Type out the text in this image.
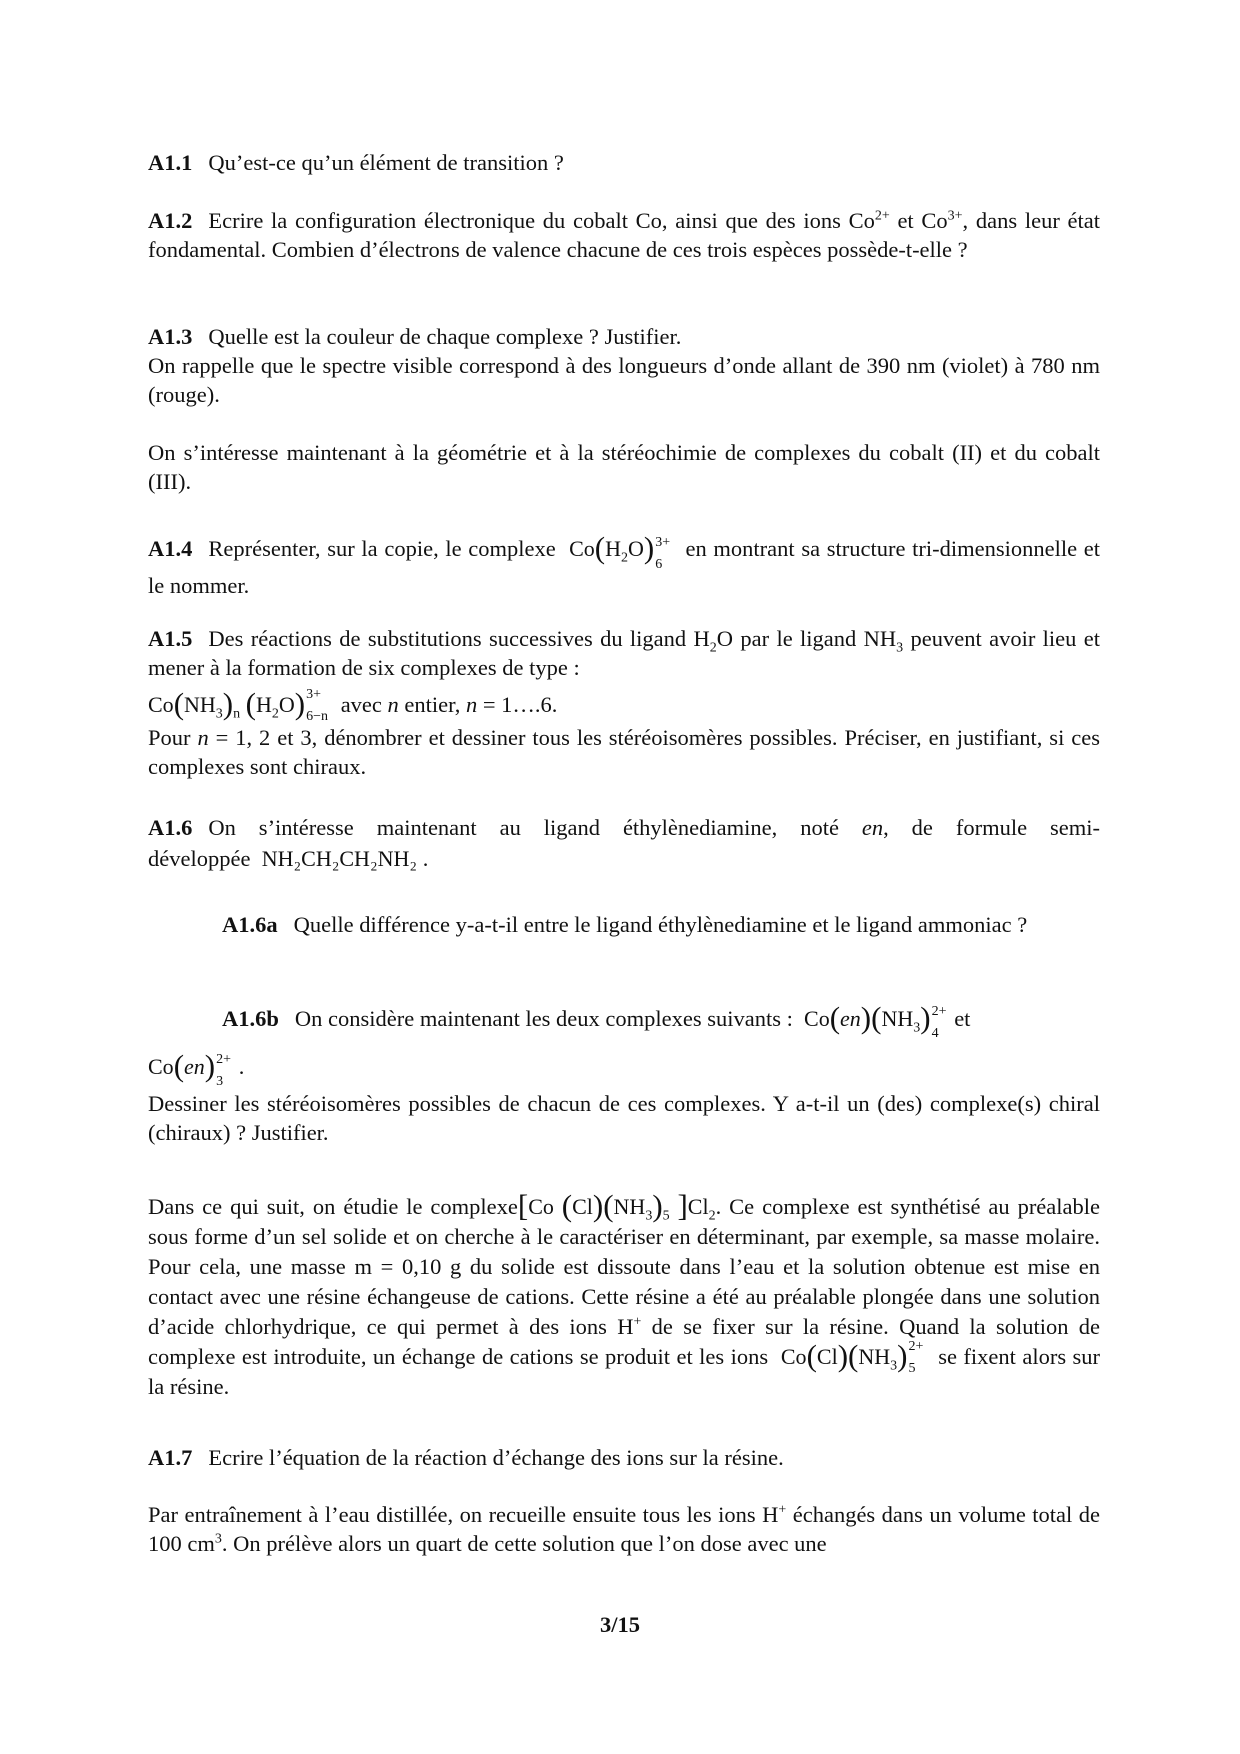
A1.1 Qu’est-ce qu’un élément de transition ?

A1.2 Ecrire la configuration électronique du cobalt Co, ainsi que des ions $Co^{2+}$ et $Co^{3+}$, dans leur état fondamental. Combien d’électrons de valence chacune de ces trois espèces possède-t-elle ?

A1.3 Quelle est la couleur de chaque complexe ? Justifier.
On rappelle que le spectre visible correspond à des longueurs d’onde allant de 390 nm (violet) à 780 nm (rouge).

On s’intéresse maintenant à la géométrie et à la stéréochimie de complexes du cobalt (II) et du cobalt (III).

A1.4 Représenter, sur la copie, le complexe $Co(H_2O)$ 3+
6
en montrant sa structure tri-dimensionnelle et le nommer.

A1.5 Des réactions de substitutions successives du ligand $H_2O$ par le ligand $NH_3$ peuvent avoir lieu et mener à la formation de six complexes de type :
$Co(NH_3)_n$ $(H_2O)$ 3+
6−n avec n entier, n = 1….6.
Pour n = 1, 2 et 3, dénombrer et dessiner tous les stéréoisomères possibles. Préciser, en justifiant, si ces complexes sont chiraux.

A1.6 On s’intéresse maintenant au ligand éthylènediamine, noté en, de formule semi-développée NH₂CH₂CH₂NH₂ .

A1.6a Quelle différence y-a-t-il entre le ligand éthylènediamine et le ligand ammoniac ?

A1.6b On considère maintenant les deux complexes suivants : $Co(en)(NH_3)$ 2+
4
et
Co(en) 2+
3
.
Dessiner les stéréoisomères possibles de chacun de ces complexes. Y a-t-il un (des) complexe(s) chiral (chiraux) ? Justifier.

Dans ce qui suit, on étudie le complexe[Co $(Cl)(NH_3)_5$ ]$Cl_2$. Ce complexe est synthétisé au préalable sous forme d’un sel solide et on cherche à le caractériser en déterminant, par exemple, sa masse molaire. Pour cela, une masse m = 0,10 g du solide est dissoute dans l’eau et la solution obtenue est mise en contact avec une résine échangeuse de cations. Cette résine a été au préalable plongée dans une solution d’acide chlorhydrique, ce qui permet à des ions H+ de se fixer sur la résine. Quand la solution de complexe est introduite, un échange de cations se produit et les ions $Co(Cl)(NH_3)$ 2+
5 se fixent alors sur la résine.

A1.7 Ecrire l’équation de la réaction d’échange des ions sur la résine.

Par entraînement à l’eau distillée, on recueille ensuite tous les ions H+ échangés dans un volume total de 100 $cm^3$. On prélève alors un quart de cette solution que l’on dose avec une

3/15
